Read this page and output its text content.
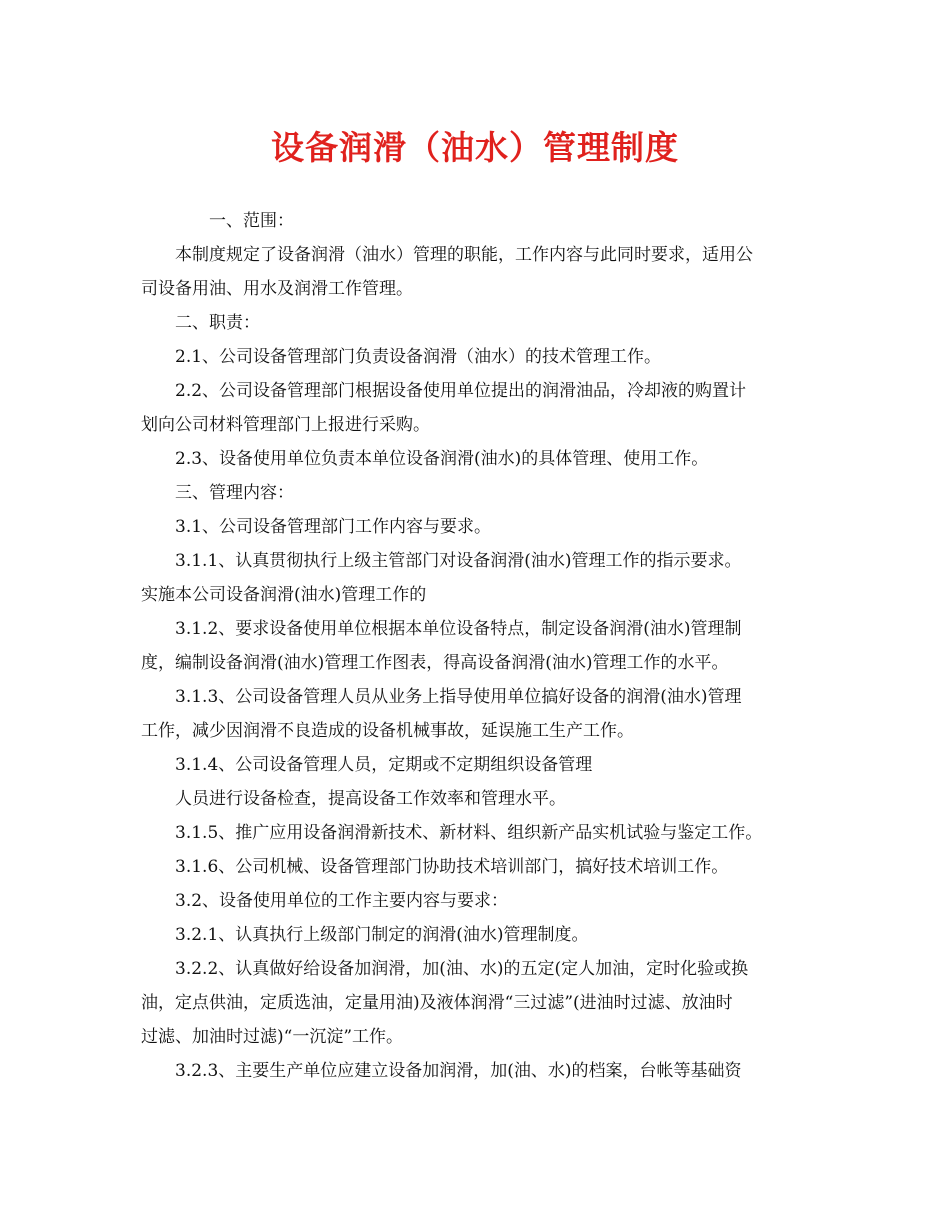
设备润滑（油水）管理制度
一、范围：
本制度规定了设备润滑（油水）管理的职能，工作内容与此同时要求，适用公
司设备用油、用水及润滑工作管理。
二、职责：
2.1、公司设备管理部门负责设备润滑（油水）的技术管理工作。
2.2、公司设备管理部门根据设备使用单位提出的润滑油品，冷却液的购置计
划向公司材料管理部门上报进行采购。
2.3、设备使用单位负责本单位设备润滑(油水)的具体管理、使用工作。
三、管理内容：
3.1、公司设备管理部门工作内容与要求。
3.1.1、认真贯彻执行上级主管部门对设备润滑(油水)管理工作的指示要求。
实施本公司设备润滑(油水)管理工作的
3.1.2、要求设备使用单位根据本单位设备特点，制定设备润滑(油水)管理制
度，编制设备润滑(油水)管理工作图表，得高设备润滑(油水)管理工作的水平。
3.1.3、公司设备管理人员从业务上指导使用单位搞好设备的润滑(油水)管理
工作，减少因润滑不良造成的设备机械事故，延误施工生产工作。
3.1.4、公司设备管理人员，定期或不定期组织设备管理
人员进行设备检查，提高设备工作效率和管理水平。
3.1.5、推广应用设备润滑新技术、新材料、组织新产品实机试验与鉴定工作。
3.1.6、公司机械、设备管理部门协助技术培训部门，搞好技术培训工作。
3.2、设备使用单位的工作主要内容与要求：
3.2.1、认真执行上级部门制定的润滑(油水)管理制度。
3.2.2、认真做好给设备加润滑，加(油、水)的五定(定人加油，定时化验或换
油，定点供油，定质选油，定量用油)及液体润滑“三过滤”(进油时过滤、放油时
过滤、加油时过滤)“一沉淀”工作。
3.2.3、主要生产单位应建立设备加润滑，加(油、水)的档案，台帐等基础资
